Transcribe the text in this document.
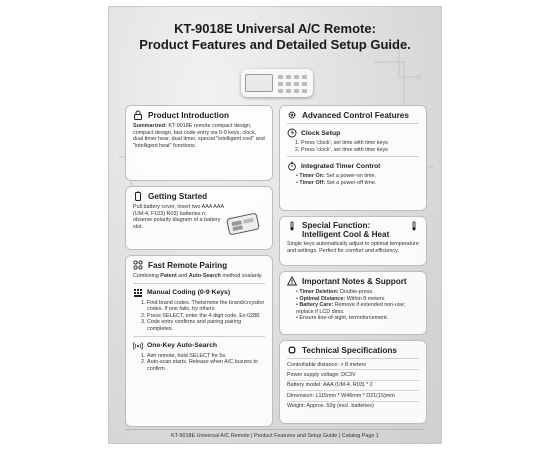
KT-9018E Universal A/C Remote:
Product Features and Detailed Setup Guide.
Product Introduction
Summarized: KT-9018E remote compact design, compact design, fast code entry via 0-9 keys, clock, dual timer hear, dual timer, special "intelligent cool" and "intelligent heat" functions.
Getting Started
Pull battery cover, insert two AAA AAA (UM-4, F103) R03) batteries n; observe polarity diagram of a battery slot.
Fast Remote Pairing
Combining Patent and Auto-Search method snalanly.
Manual Coding (0-9 Keys)
1. Find brand codes. Thetsrmine the brand/crcysitor codes. If one fails, try others.
2. Press SELECT, enter the 4-digit code, Ex:0288.
3. Code entry confirms and pairing pairing completes.
One-Key Auto-Search
1. Aim remote, hold SELECT for 5s.
2. Auto-scan starts. Release when A/C buzzes to confirm.
Advanced Control Features
Clock Setup
1. Press 'clock', set time with time keys
2. Press 'clock', set time with time keys
Integrated Timer Control
• Timer On: Set a power-on time.
• Timer Off: Set a power-off time.
Special Function:
Intelligent Cool & Heat
Single keys automatically adjust to optimal temperature and settings. Perfect for comfort and efficiency.
Important Notes & Support
• Timer Deletion: Double-press.
• Optimal Distance: Within 8 meters.
• Battery Care: Remove if extended non-use; replace if LCD dims.
• Ensure line-of-sight, termnforcement.
Technical Specifications
Controllable distance: > 8 meters
Power supply voltage: DC3V
Battery model: AAA (UM-4, R03) * 2
Dimension: L115mm * W46mm * D21(15)mm
Weight: Approx. 50g (excl. batteries)
KT-9018E Universal A/C Remote | Product Features and Setup Guide | Catalog Page 1
